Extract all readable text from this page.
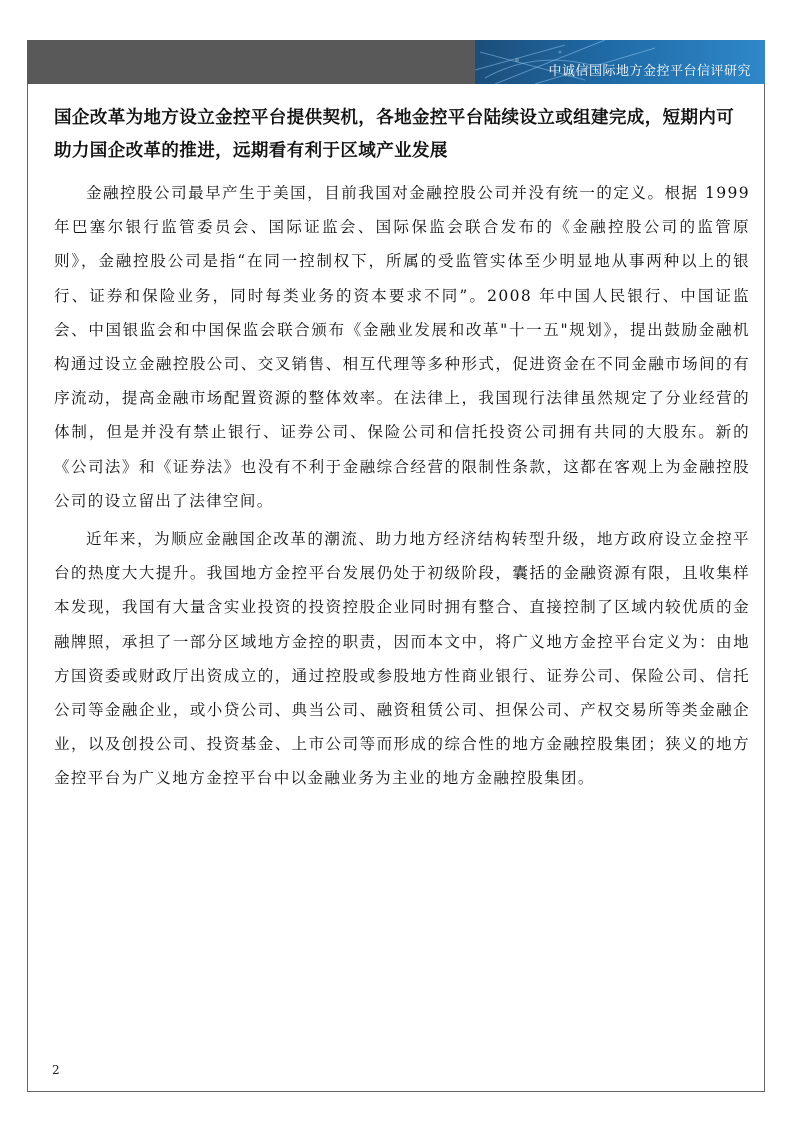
中诚信国际地方金控平台信评研究
国企改革为地方设立金控平台提供契机，各地金控平台陆续设立或组建完成，短期内可助力国企改革的推进，远期看有利于区域产业发展

金融控股公司最早产生于美国，目前我国对金融控股公司并没有统一的定义。根据 1999 年巴塞尔银行监管委员会、国际证监会、国际保监会联合发布的《金融控股公司的监管原则》，金融控股公司是指“在同一控制权下，所属的受监管实体至少明显地从事两种以上的银行、证券和保险业务，同时每类业务的资本要求不同”。2008 年中国人民银行、中国证监会、中国银监会和中国保监会联合颁布《金融业发展和改革"十一五"规划》，提出鼓励金融机构通过设立金融控股公司、交叉销售、相互代理等多种形式，促进资金在不同金融市场间的有序流动，提高金融市场配置资源的整体效率。在法律上，我国现行法律虽然规定了分业经营的体制，但是并没有禁止银行、证券公司、保险公司和信托投资公司拥有共同的大股东。新的《公司法》和《证券法》也没有不利于金融综合经营的限制性条款，这都在客观上为金融控股公司的设立留出了法律空间。

近年来，为顺应金融国企改革的潮流、助力地方经济结构转型升级，地方政府设立金控平台的热度大大提升。我国地方金控平台发展仍处于初级阶段，囊括的金融资源有限，且收集样本发现，我国有大量含实业投资的投资控股企业同时拥有整合、直接控制了区域内较优质的金融牌照，承担了一部分区域地方金控的职责，因而本文中，将广义地方金控平台定义为：由地方国资委或财政厅出资成立的，通过控股或参股地方性商业银行、证券公司、保险公司、信托公司等金融企业，或小贷公司、典当公司、融资租赁公司、担保公司、产权交易所等类金融企业，以及创投公司、投资基金、上市公司等而形成的综合性的地方金融控股集团；狭义的地方金控平台为广义地方金控平台中以金融业务为主业的地方金融控股集团。

2
